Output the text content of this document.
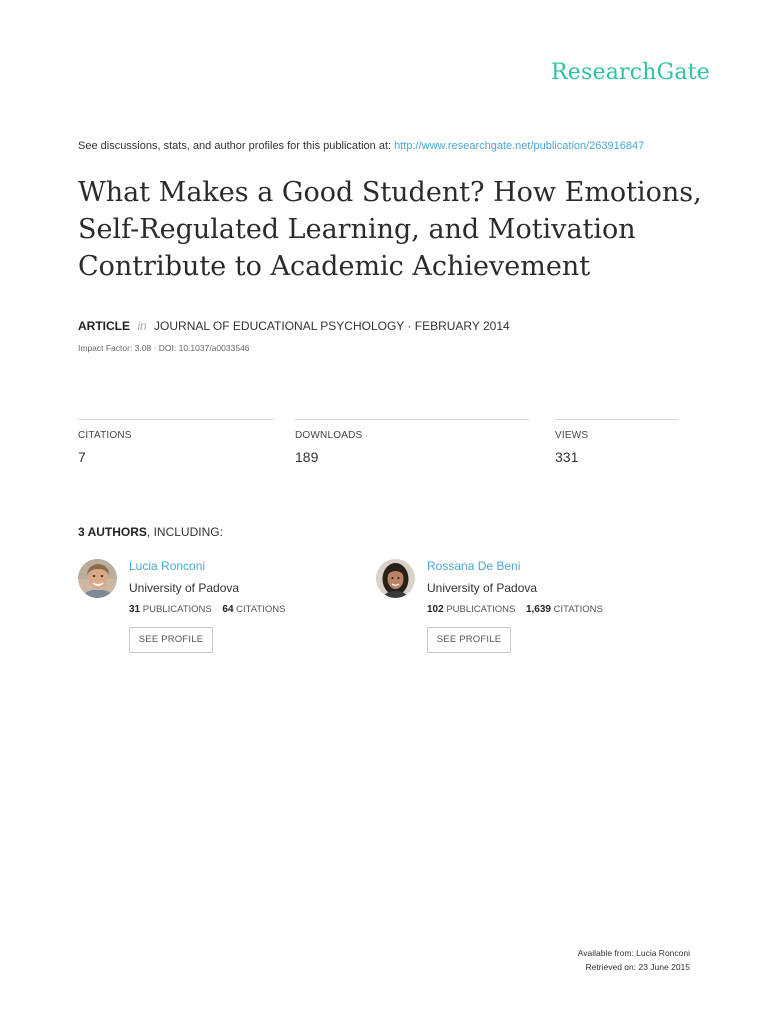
ResearchGate
See discussions, stats, and author profiles for this publication at: http://www.researchgate.net/publication/263916847
What Makes a Good Student? How Emotions,
Self-Regulated Learning, and Motivation
Contribute to Academic Achievement
ARTICLE in JOURNAL OF EDUCATIONAL PSYCHOLOGY · FEBRUARY 2014
Impact Factor: 3.08 · DOI: 10.1037/a0033546
CITATIONS
7
DOWNLOADS
189
VIEWS
331
3 AUTHORS, INCLUDING:
Lucia Ronconi
University of Padova
31 PUBLICATIONS 64 CITATIONS
SEE PROFILE
Rossana De Beni
University of Padova
102 PUBLICATIONS 1,639 CITATIONS
SEE PROFILE
Available from: Lucia Ronconi
Retrieved on: 23 June 2015
